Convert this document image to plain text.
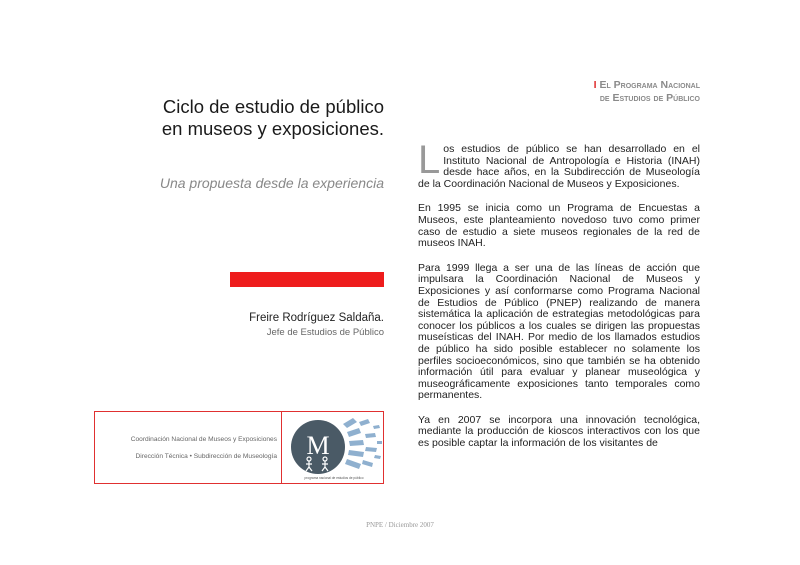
Ciclo de estudio de público
en museos y exposiciones.
Una propuesta desde la experiencia
Freire Rodríguez Saldaña.
Jefe de Estudios de Público
Coordinación Nacional de Museos y Exposiciones
Dirección Técnica • Subdirección de Museología M
programa nacional de estudios de público
I El Programa Nacional
de Estudios de Público

Los estudios de público se han desarrollado en el Instituto Nacional de Antropología e Historia (INAH) desde hace años, en la Subdirección de Museología de la Coordinación Nacional de Museos y Exposiciones.

En 1995 se inicia como un Programa de Encuestas a Museos, este planteamiento novedoso tuvo como primer caso de estudio a siete museos regionales de la red de museos INAH.

Para 1999 llega a ser una de las líneas de acción que impulsara la Coordinación Nacional de Museos y Exposiciones y así conformarse como Programa Nacional de Estudios de Público (PNEP) realizando de manera sistemática la aplicación de estrategias metodológicas para conocer los públicos a los cuales se dirigen las propuestas museísticas del INAH. Por medio de los llamados estudios de público ha sido posible establecer no solamente los perfiles socioeconómicos, sino que también se ha obtenido información útil para evaluar y planear museológica y museográficamente exposiciones tanto temporales como permanentes.

Ya en 2007 se incorpora una innovación tecnológica, mediante la producción de kioscos interactivos con los que es posible captar la información de los visitantes de

PNPE / Diciembre 2007
